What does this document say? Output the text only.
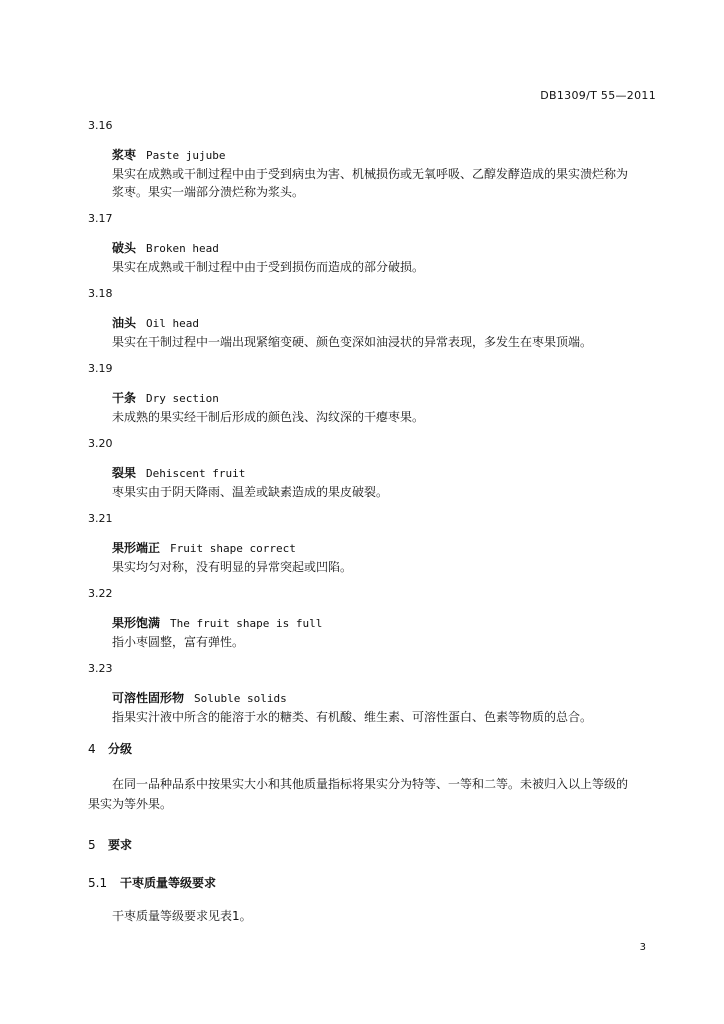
DB1309/T 55—2011
3.16
浆枣 Paste jujube
果实在成熟或干制过程中由于受到病虫为害、机械损伤或无氧呼吸、乙醇发酵造成的果实溃烂称为
浆枣。果实一端部分溃烂称为浆头。
3.17
破头 Broken head
果实在成熟或干制过程中由于受到损伤而造成的部分破损。
3.18
油头 Oil head
果实在干制过程中一端出现紧缩变硬、颜色变深如油浸状的异常表现，多发生在枣果顶端。
3.19
干条 Dry section
未成熟的果实经干制后形成的颜色浅、沟纹深的干瘪枣果。
3.20
裂果 Dehiscent fruit
枣果实由于阴天降雨、温差或缺素造成的果皮破裂。
3.21
果形端正 Fruit shape correct
果实均匀对称，没有明显的异常突起或凹陷。
3.22
果形饱满 The fruit shape is full
指小枣圆整，富有弹性。
3.23
可溶性固形物 Soluble solids
指果实汁液中所含的能溶于水的糖类、有机酸、维生素、可溶性蛋白、色素等物质的总合。
4 分级
在同一品种品系中按果实大小和其他质量指标将果实分为特等、一等和二等。未被归入以上等级的
果实为等外果。
5 要求
5.1 干枣质量等级要求
干枣质量等级要求见表1。
3
